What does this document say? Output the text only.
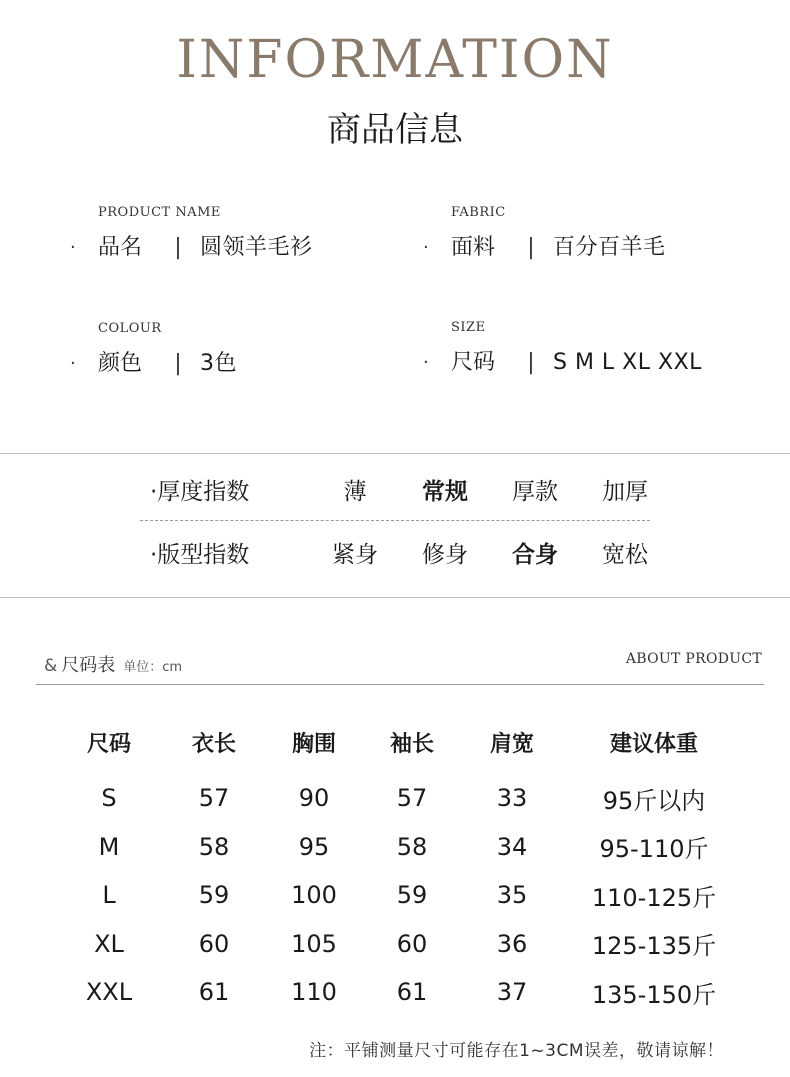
INFORMATION
商品信息
PRODUCT NAME
·	品名	| 圆领羊毛衫
FABRIC
·	面料	| 百分百羊毛
COLOUR
·	颜色	| 3色
SIZE
·	尺码	| S M L XL XXL
·厚度指数	薄	常规	厚款	加厚
·版型指数	紧身	修身	合身	宽松
& 尺码表 单位：cm
ABOUT PRODUCT
尺码	衣长	胸围	袖长	肩宽	建议体重
S	57	90	57	33	95斤以内
M	58	95	58	34	95-110斤
L	59	100	59	35	110-125斤
XL	60	105	60	36	125-135斤
XXL	61	110	61	37	135-150斤
注：平铺测量尺寸可能存在1~3CM误差，敬请谅解！
